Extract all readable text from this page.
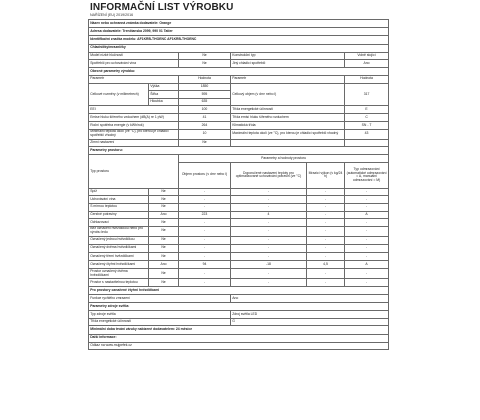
INFORMAČNÍ LIST VÝROBKU
NAŘÍZENÍ (EU) 2019/2016
Název nebo ochranná známka dodavatele: Orange					
Adresa dodavatele: Trenčianska 2099, 990 01 Tatier					
Identifikační značka modelu: AF1KRB-THOENC AF1KRB-THOENC					
Chladničky/mrazničky					
Model nízké hlučnosti		Ne	Konstrukční typ		Volně stojící
Spotřebič pro uchovávání vína		Ne	Jiný chladicí spotřebič		Ano
Obecné parametry výrobku:					
Parametr		Hodnota	Parametr		Hodnota
Celkové rozměry (v milimetrech)	Výška	1850	Celkový objem (v dm³ nebo l)		317
	Šířka	595			
	Hloubka	635			
EEI		100	Třída energetické účinnosti		E
Emise hluku šířeného vzduchem (dB(A) re 1 pW)		41	Třída emisí hluku šířeného vzduchem		C
Roční spotřeba energie (v kWh/rok)		264	Klimatická třída:		SN - T
Minimální teplota okolí (ve °C), pro kterou je chladicí spotřebič vhodný		10	Maximální teplota okolí (ve °C), pro kterou je chladicí spotřebič vhodný		43
Zimní nastavení		Ne			
Parametry prostoru:					
Typ prostoru		Parametry a hodnoty prostoru			
		Objem prostoru (v dm³ nebo l)	Doporučené nastavení teploty pro optimalizované uchovávání potravin (ve °C)	Mrazicí výkon (v kg/24 h)	Typ odmrazování (automatické odmrazování = A, manuální odmrazování = M)
Spíž	Ne	-	-	-	-
Uchovávání vína	Ne	-	-	-	-
S mírnou teplotou	Ne	-	-	-	-
Čerstvé potraviny	Ano	223	4	-	A
Ochlazovací	Ne	-	-	-	-
Bez označení hvězdičkou nebo pro výrobu ledu	Ne	-	-	-	-
Označený jednou hvězdičkou	Ne	-	-	-	-
Označený dvěma hvězdičkami	Ne	-	-	-	-
Označený třemi hvězdičkami	Ne	-	-	-	-
Označený čtyřmi hvězdičkami	Ano	94	-18	4,5	A
Prostor označený dvěma hvězdičkami	Ne	-	-	-	-
Prostor s nastavitelnou teplotou	Ne	-	-	-	-
Pro prostory označené čtyřmi hvězdičkami					
Funkce rychlého zmrazení			Ano		
Parametry zdroje světla:					
Typ zdroje světla			Zdroj světla LED		
Třída energetické účinnosti			G		
Minimální doba trvání záruky nabízené dodavatelem: 24 měsíce					
Další informace:					
Odkaz na www.mujpefek.cz					
